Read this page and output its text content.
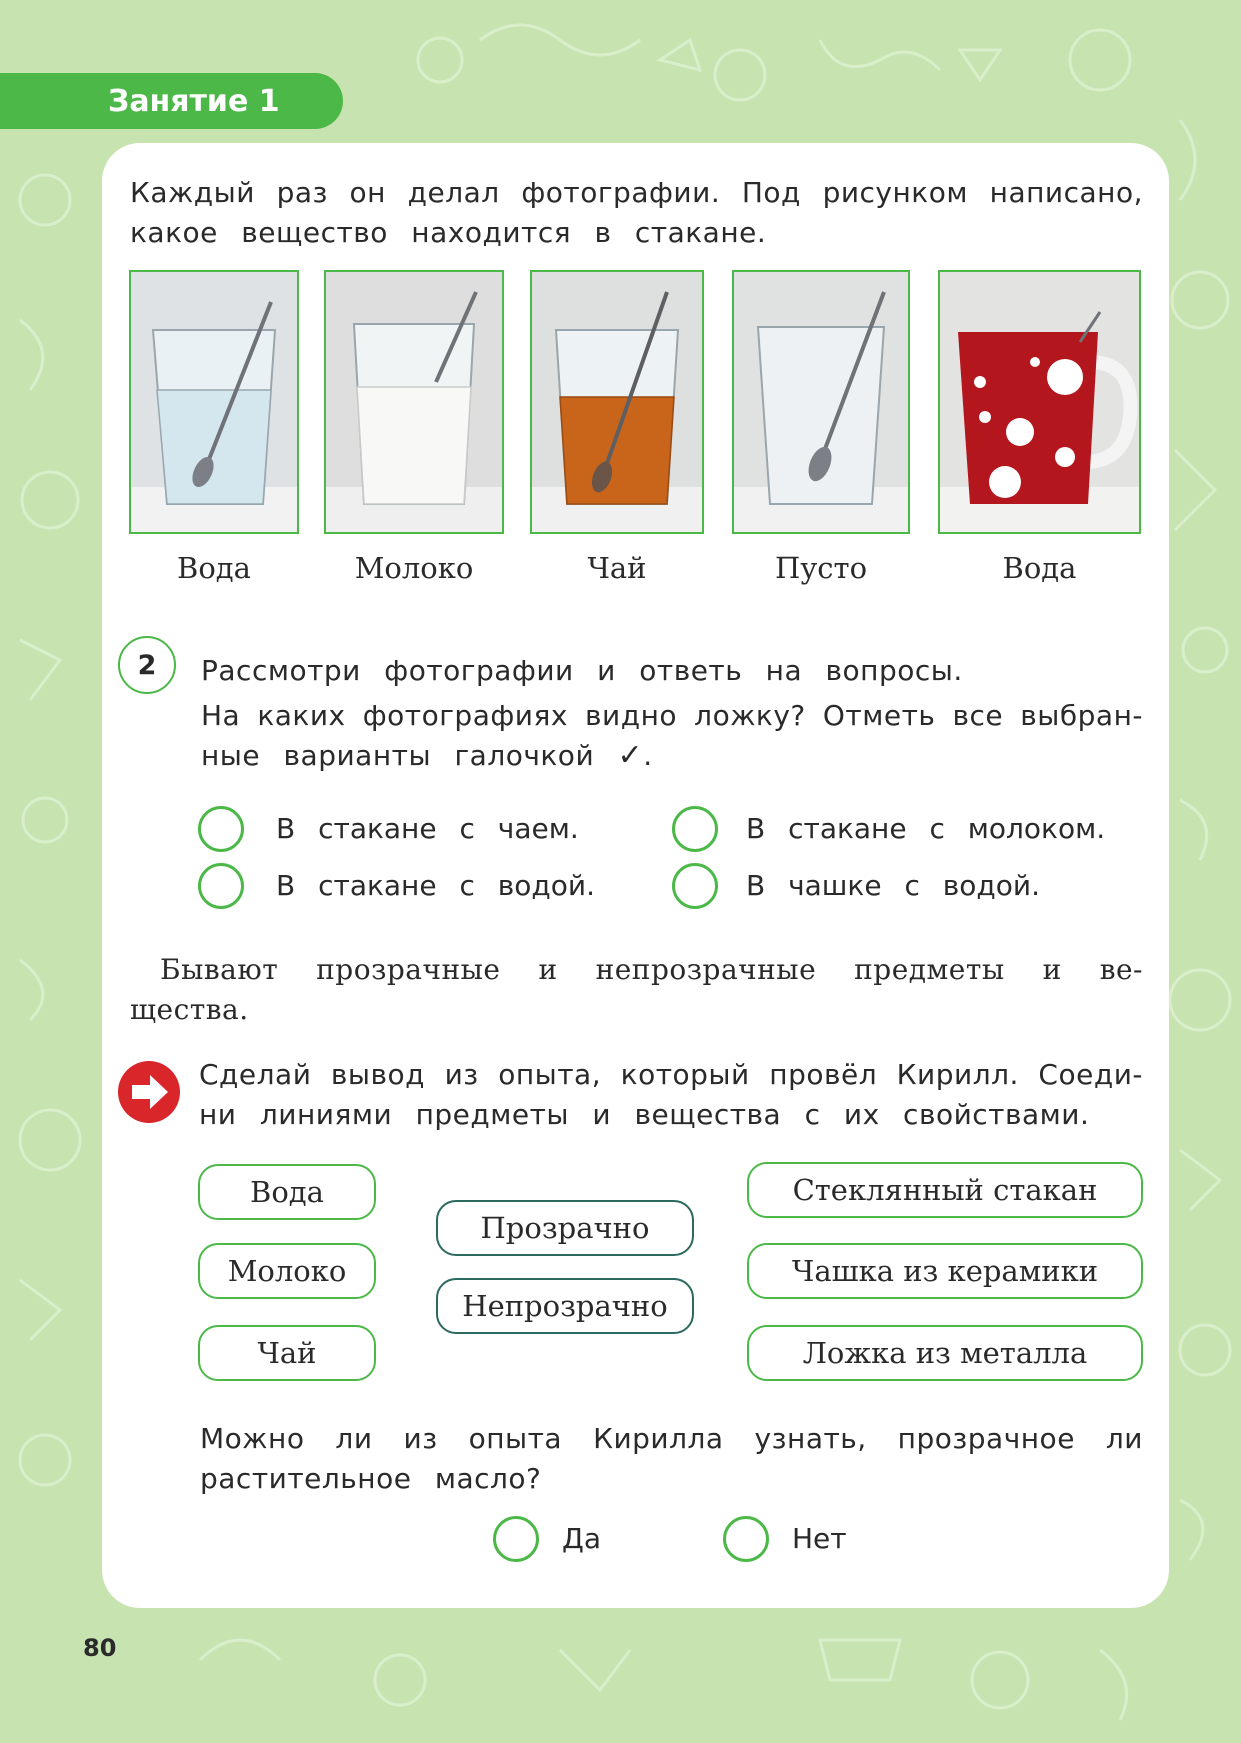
Занятие 1
Каждый раз он делал фотографии. Под рисунком написано,
какое вещество находится в стакане.
Вода	Молоко	Чай	Пусто	Вода
2	Рассмотри фотографии и ответь на вопросы.
На каких фотографиях видно ложку? Отметь все выбран-
ные варианты галочкой ✓.
В стакане с чаем.	В стакане с молоком.
В стакане с водой.	В чашке с водой.
Бывают прозрачные и непрозрачные предметы и ве-
щества.
Сделай вывод из опыта, который провёл Кирилл. Соеди-
ни линиями предметы и вещества с их свойствами.
Вода
Молоко
Чай
Прозрачно
Непрозрачно
Стеклянный стакан
Чашка из керамики
Ложка из металла
Можно ли из опыта Кирилла узнать, прозрачное ли
растительное масло?
Да	Нет
80
